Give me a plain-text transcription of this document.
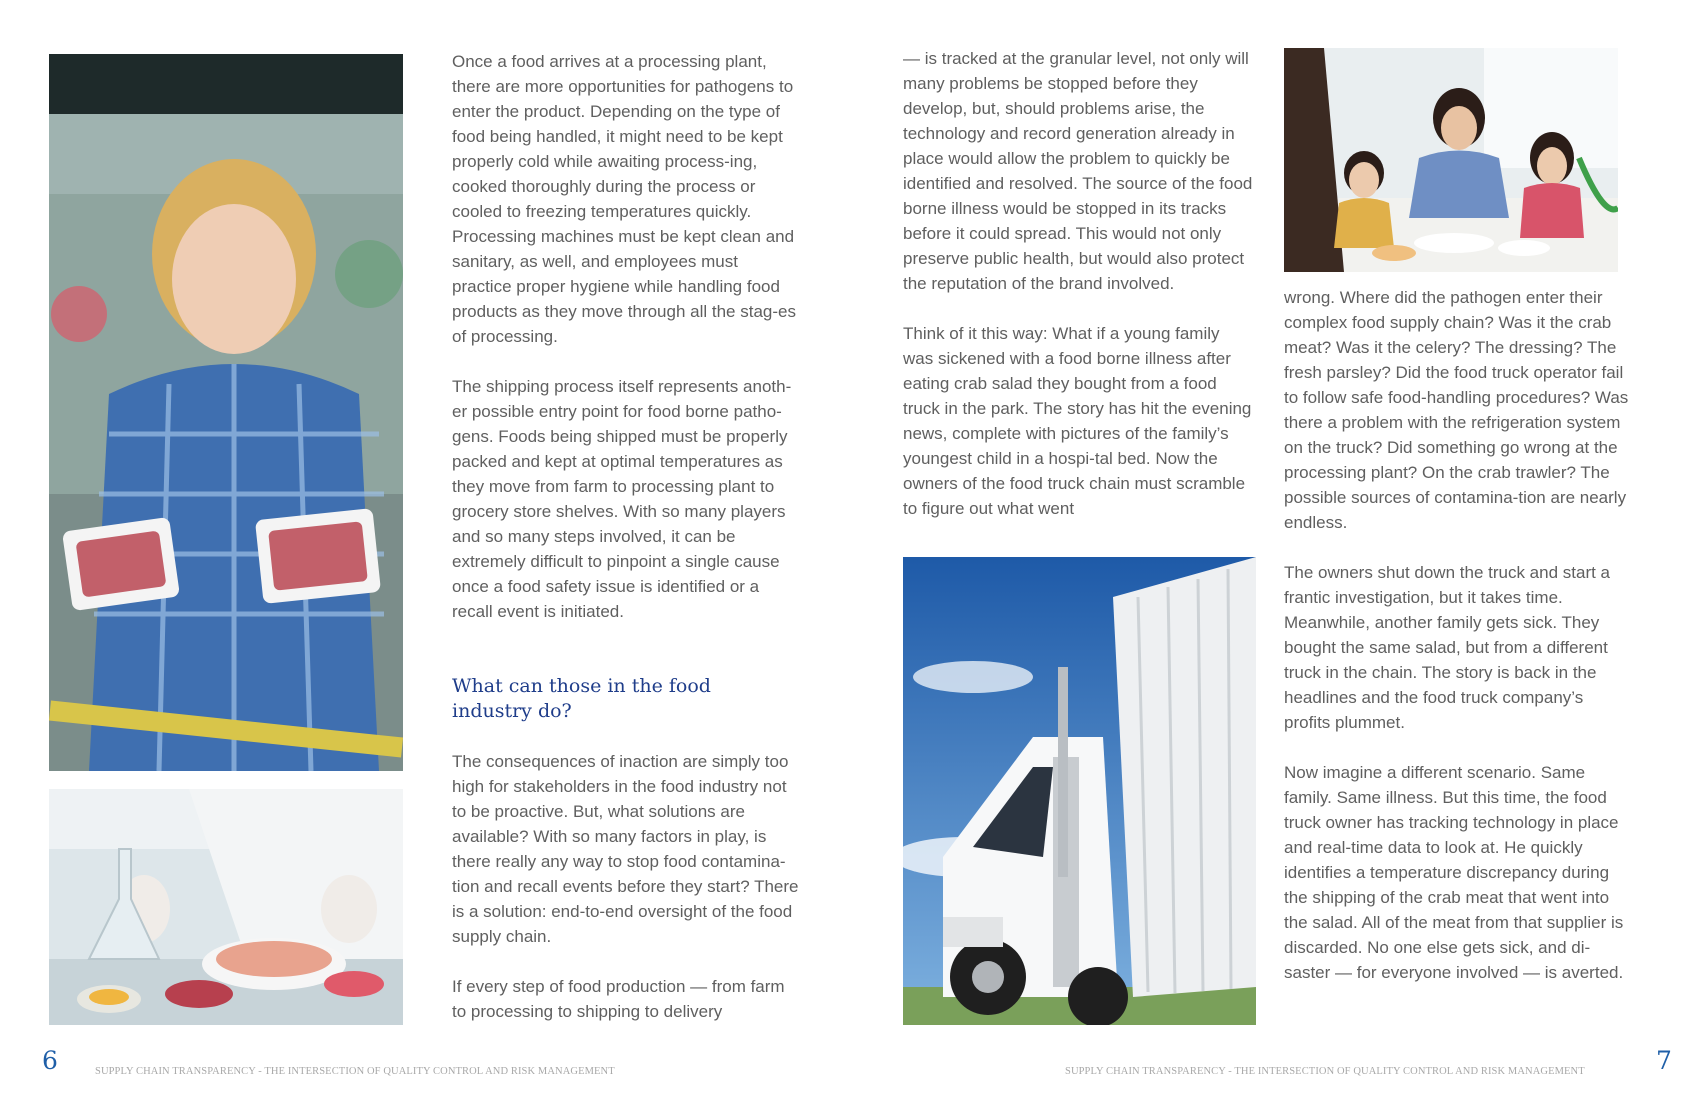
Once a food arrives at a processing plant, there are more opportunities for pathogens to enter the product. Depending on the type of food being handled, it might need to be kept properly cold while awaiting process-ing, cooked thoroughly during the process or cooled to freezing temperatures quickly. Processing machines must be kept clean and sanitary, as well, and employees must practice proper hygiene while handling food products as they move through all the stag-es of processing.

The shipping process itself represents anoth-er possible entry point for food borne patho-gens. Foods being shipped must be properly packed and kept at optimal temperatures as they move from farm to processing plant to grocery store shelves. With so many players and so many steps involved, it can be extremely difficult to pinpoint a single cause once a food safety issue is identified or a recall event is initiated.

What can those in the food industry do?

The consequences of inaction are simply too high for stakeholders in the food industry not to be proactive. But, what solutions are available? With so many factors in play, is there really any way to stop food contamina-tion and recall events before they start? There is a solution: end-to-end oversight of the food supply chain.

If every step of food production — from farm to processing to shipping to delivery

6	SUPPLY CHAIN TRANSPARENCY - THE INTERSECTION OF QUALITY CONTROL AND RISK MANAGEMENT

— is tracked at the granular level, not only will many problems be stopped before they develop, but, should problems arise, the technology and record generation already in place would allow the problem to quickly be identified and resolved. The source of the food borne illness would be stopped in its tracks before it could spread. This would not only preserve public health, but would also protect the reputation of the brand involved.

Think of it this way: What if a young family was sickened with a food borne illness after eating crab salad they bought from a food truck in the park. The story has hit the evening news, complete with pictures of the family’s youngest child in a hospi-tal bed. Now the owners of the food truck chain must scramble to figure out what went

wrong. Where did the pathogen enter their complex food supply chain? Was it the crab meat? Was it the celery? The dressing? The fresh parsley? Did the food truck operator fail to follow safe food-handling procedures? Was there a problem with the refrigeration system on the truck? Did something go wrong at the processing plant? On the crab trawler? The possible sources of contamina-tion are nearly endless.

The owners shut down the truck and start a frantic investigation, but it takes time. Meanwhile, another family gets sick. They bought the same salad, but from a different truck in the chain. The story is back in the headlines and the food truck company’s profits plummet.

Now imagine a different scenario. Same family. Same illness. But this time, the food truck owner has tracking technology in place and real-time data to look at. He quickly identifies a temperature discrepancy during the shipping of the crab meat that went into the salad. All of the meat from that supplier is discarded. No one else gets sick, and di-saster — for everyone involved — is averted.

SUPPLY CHAIN TRANSPARENCY - THE INTERSECTION OF QUALITY CONTROL AND RISK MANAGEMENT	7
